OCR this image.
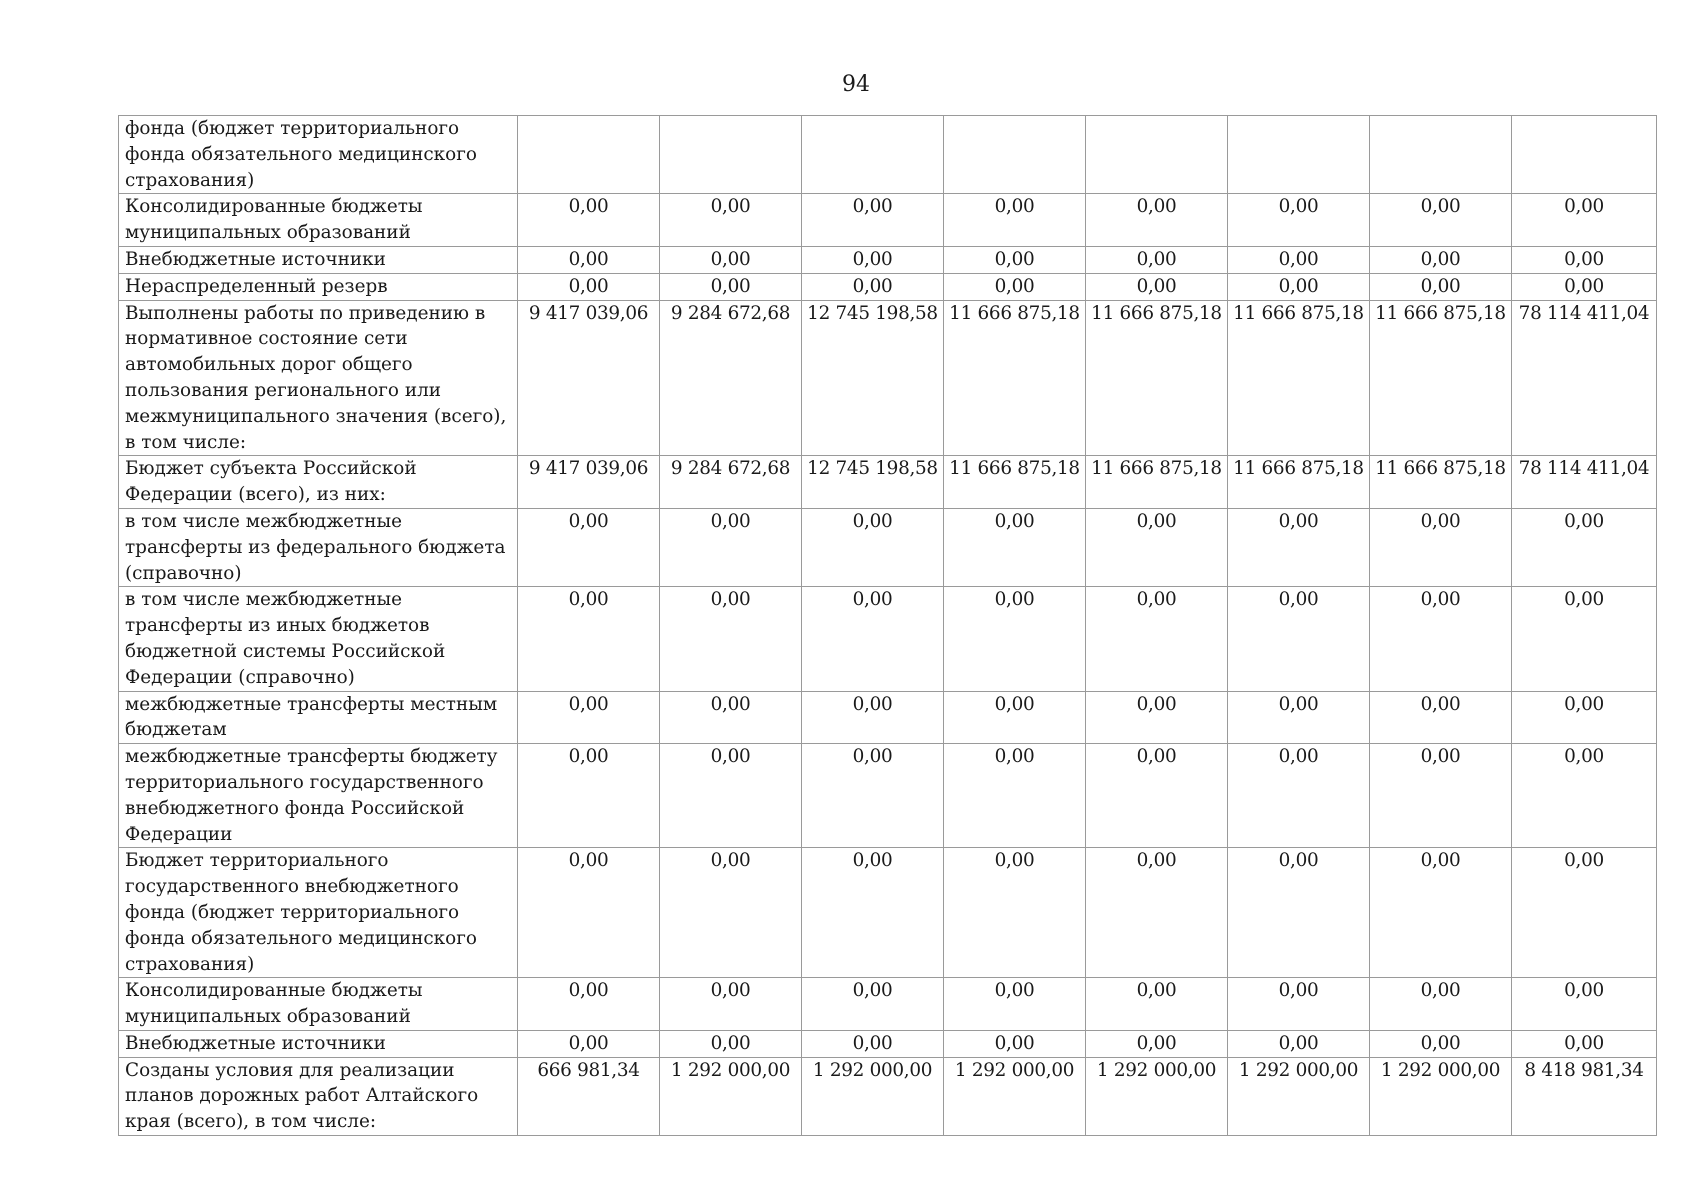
94
фонда (бюджет территориального фонда обязательного медицинского страхования)								
Консолидированные бюджеты муниципальных образований	0,00	0,00	0,00	0,00	0,00	0,00	0,00	0,00
Внебюджетные источники	0,00	0,00	0,00	0,00	0,00	0,00	0,00	0,00
Нераспределенный резерв	0,00	0,00	0,00	0,00	0,00	0,00	0,00	0,00
Выполнены работы по приведению в нормативное состояние сети автомобильных дорог общего пользования регионального или межмуниципального значения (всего), в том числе:	9 417 039,06	9 284 672,68	12 745 198,58	11 666 875,18	11 666 875,18	11 666 875,18	11 666 875,18	78 114 411,04
Бюджет субъекта Российской Федерации (всего), из них:	9 417 039,06	9 284 672,68	12 745 198,58	11 666 875,18	11 666 875,18	11 666 875,18	11 666 875,18	78 114 411,04
в том числе межбюджетные трансферты из федерального бюджета (справочно)	0,00	0,00	0,00	0,00	0,00	0,00	0,00	0,00
в том числе межбюджетные трансферты из иных бюджетов бюджетной системы Российской Федерации (справочно)	0,00	0,00	0,00	0,00	0,00	0,00	0,00	0,00
межбюджетные трансферты местным бюджетам	0,00	0,00	0,00	0,00	0,00	0,00	0,00	0,00
межбюджетные трансферты бюджету территориального государственного внебюджетного фонда Российской Федерации	0,00	0,00	0,00	0,00	0,00	0,00	0,00	0,00
Бюджет территориального государственного внебюджетного фонда (бюджет территориального фонда обязательного медицинского страхования)	0,00	0,00	0,00	0,00	0,00	0,00	0,00	0,00
Консолидированные бюджеты муниципальных образований	0,00	0,00	0,00	0,00	0,00	0,00	0,00	0,00
Внебюджетные источники	0,00	0,00	0,00	0,00	0,00	0,00	0,00	0,00
Созданы условия для реализации планов дорожных работ Алтайского края (всего), в том числе:	666 981,34	1 292 000,00	1 292 000,00	1 292 000,00	1 292 000,00	1 292 000,00	1 292 000,00	8 418 981,34
